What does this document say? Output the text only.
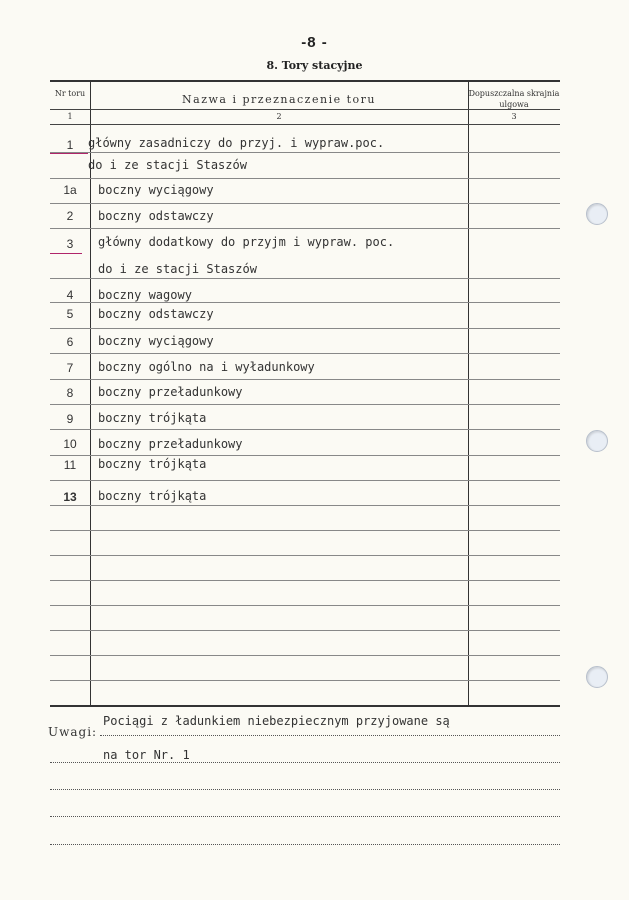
-8 -
8. Tory stacyjne
Nr toru	Nazwa i przeznaczenie toru	Dopuszczalna skrajnia ulgowa
1	2	3
1	główny zasadniczy do przyj. i wypraw.poc.
do i ze stacji Staszów
1a	boczny wyciągowy
2	boczny odstawczy
3	główny dodatkowy do przyjm i wypraw. poc.
do i ze stacji Staszów
4	boczny wagowy
5	boczny odstawczy
6	boczny wyciągowy
7	boczny ogólno na i wyładunkowy
8	boczny przeładunkowy
9	boczny trójkąta
10	boczny przeładunkowy
11	boczny trójkąta
13	boczny trójkąta
Uwagi:
Pociągi z ładunkiem niebezpiecznym przyjowane są
na tor Nr. 1
